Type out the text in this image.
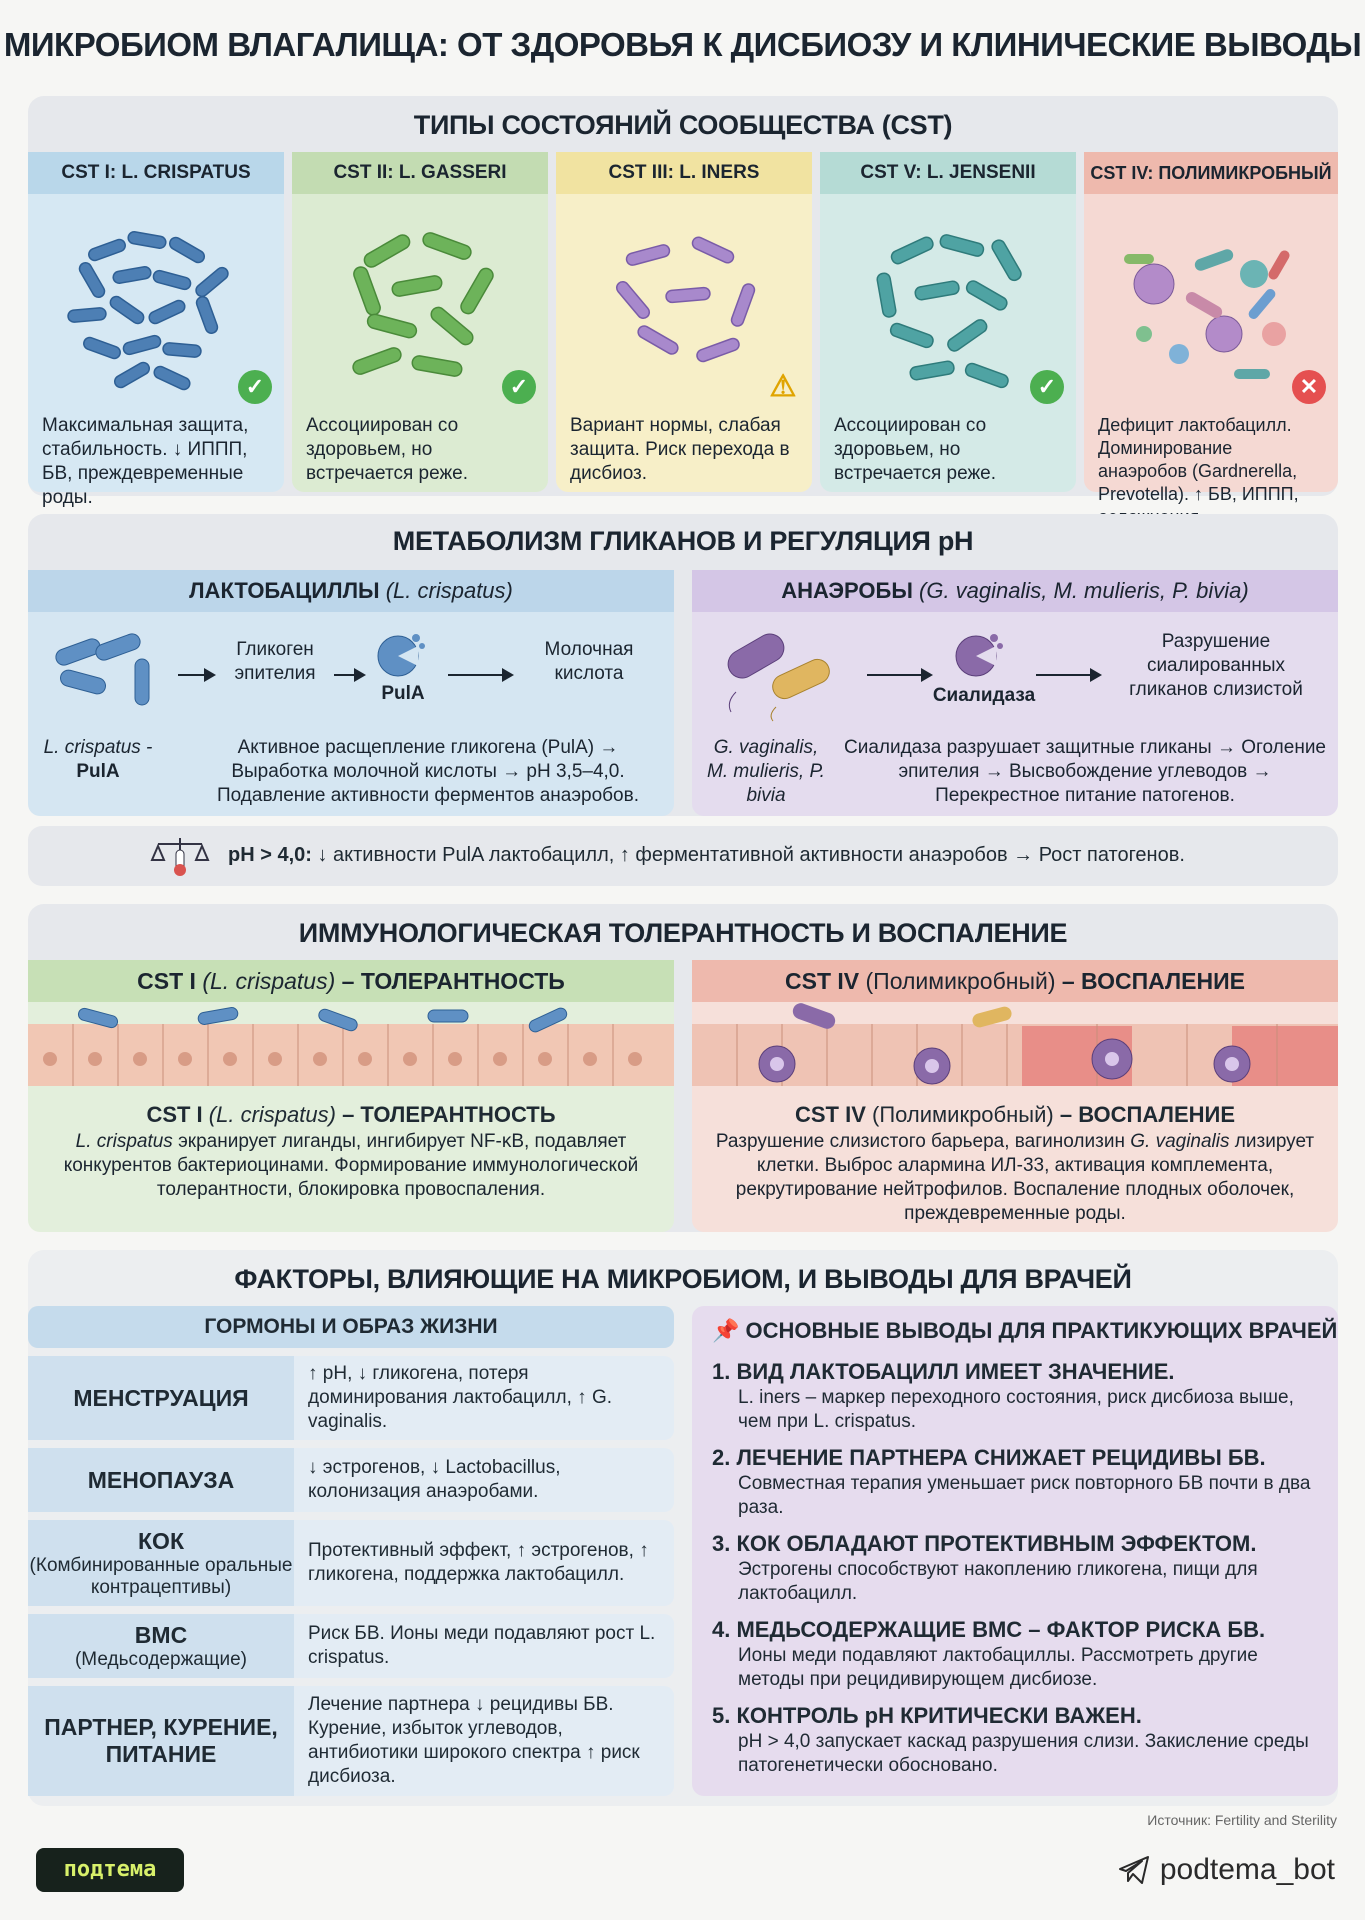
МИКРОБИОМ ВЛАГАЛИЩА: ОТ ЗДОРОВЬЯ К ДИСБИОЗУ И КЛИНИЧЕСКИЕ ВЫВОДЫ
ТИПЫ СОСТОЯНИЙ СООБЩЕСТВА (CST)
CST I: L. CRISPATUS
✓
Максимальная защита, стабильность. ↓ ИППП, БВ, преждевременные роды.
CST II: L. GASSERI
✓
Ассоциирован со здоровьем, но встречается реже.
CST III: L. INERS
⚠
Вариант нормы, слабая защита. Риск перехода в дисбиоз.
CST V: L. JENSENII
✓
Ассоциирован со здоровьем, но встречается реже.
CST IV: ПОЛИМИКРОБНЫЙ
✕
Дефицит лактобацилл. Доминирование анаэробов (Gardnerella, Prevotella). ↑ БВ, ИППП,
МЕТАБОЛИЗМ ГЛИКАНОВ И РЕГУЛЯЦИЯ pH
ЛАКТОБАЦИЛЛЫ (L. crispatus)
Гликоген эпителия
PulA
Молочная кислота
L. crispatus -
PulA
Активное расщепление гликогена (PulA) → Выработка молочной кислоты → pH 3,5–4,0. Подавление активности ферментов анаэробов.
АНАЭРОБЫ (G. vaginalis, M. mulieris, P. bivia)
Сиалидаза
Разрушение сиалированных гликанов слизистой
G. vaginalis, M. mulieris, P. bivia
Сиалидаза разрушает защитные гликаны → Оголение эпителия → Высвобождение углеводов → Перекрестное питание патогенов.
pH > 4,0: ↓ активности PulA лактобацилл, ↑ ферментативной активности анаэробов → Рост патогенов.
ИММУНОЛОГИЧЕСКАЯ ТОЛЕРАНТНОСТЬ И ВОСПАЛЕНИЕ
CST I (L. crispatus) – ТОЛЕРАНТНОСТЬ
CST I (L. crispatus) – ТОЛЕРАНТНОСТЬ
L. crispatus экранирует лиганды, ингибирует NF-κB, подавляет конкурентов бактериоцинами. Формирование иммунологической толерантности, блокировка провоспаления.
CST IV (Полимикробный) – ВОСПАЛЕНИЕ
CST IV (Полимикробный) – ВОСПАЛЕНИЕ
Разрушение слизистого барьера, вагинолизин G. vaginalis лизирует клетки. Выброс алармина ИЛ-33, активация комплемента, рекрутирование нейтрофилов. Воспаление плодных оболочек, преждевременные роды.
ФАКТОРЫ, ВЛИЯЮЩИЕ НА МИКРОБИОМ, И ВЫВОДЫ ДЛЯ ВРАЧЕЙ
ГОРМОНЫ И ОБРАЗ ЖИЗНИ
МЕНСТРУАЦИЯ
↑ pH, ↓ гликогена, потеря доминирования лактобацилл, ↑ G. vaginalis.
МЕНОПАУЗА	↓ эстрогенов, ↓ Lactobacillus, колонизация анаэробами.
КОК
(Комбинированные оральные контрацептивы)
Протективный эффект, ↑ эстрогенов, ↑ гликогена, поддержка лактобацилл.
ВМС
(Медьсодержащие)
Риск БВ. Ионы меди подавляют рост L. crispatus.
ПАРТНЕР, КУРЕНИЕ, ПИТАНИЕ
Лечение партнера ↓ рецидивы БВ. Курение, избыток углеводов, антибиотики широкого спектра ↑ риск дисбиоза.
📌 ОСНОВНЫЕ ВЫВОДЫ ДЛЯ ПРАКТИКУЮЩИХ ВРАЧЕЙ
1. ВИД ЛАКТОБАЦИЛЛ ИМЕЕТ ЗНАЧЕНИЕ.
L. iners – маркер переходного состояния, риск дисбиоза выше, чем при L. crispatus.
2. ЛЕЧЕНИЕ ПАРТНЕРА СНИЖАЕТ РЕЦИДИВЫ БВ.
Совместная терапия уменьшает риск повторного БВ почти в два раза.
3. КОК ОБЛАДАЮТ ПРОТЕКТИВНЫМ ЭФФЕКТОМ.
Эстрогены способствуют накоплению гликогена, пищи для лактобацилл.
4. МЕДЬСОДЕРЖАЩИЕ ВМС – ФАКТОР РИСКА БВ.
Ионы меди подавляют лактобациллы. Рассмотреть другие методы при рецидивирующем дисбиозе.
5. КОНТРОЛЬ pH КРИТИЧЕСКИ ВАЖЕН.
pH > 4,0 запускает каскад разрушения слизи. Закисление среды патогенетически обосновано.
Источник: Fertility and Sterility
подтема	podtema_bot
